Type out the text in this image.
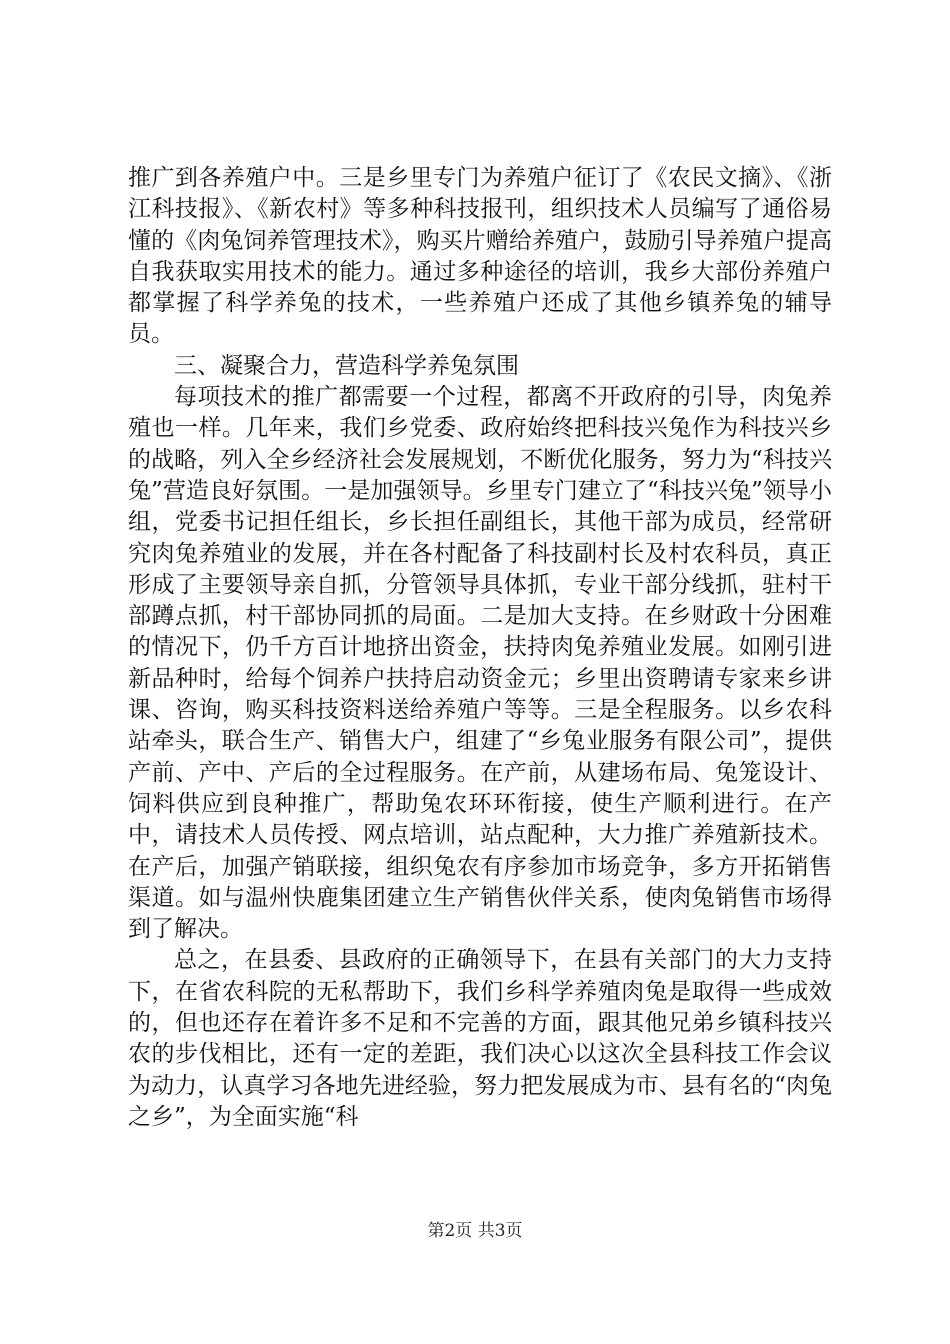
推广到各养殖户中。三是乡里专门为养殖户征订了《农民文摘》、《浙江科技报》、《新农村》等多种科技报刊，组织技术人员编写了通俗易懂的《肉兔饲养管理技术》，购买片赠给养殖户，鼓励引导养殖户提高自我获取实用技术的能力。通过多种途径的培训，我乡大部份养殖户都掌握了科学养兔的技术，一些养殖户还成了其他乡镇养兔的辅导员。

三、凝聚合力，营造科学养兔氛围

每项技术的推广都需要一个过程，都离不开政府的引导，肉兔养殖也一样。几年来，我们乡党委、政府始终把科技兴兔作为科技兴乡的战略，列入全乡经济社会发展规划，不断优化服务，努力为“科技兴兔”营造良好氛围。一是加强领导。乡里专门建立了“科技兴兔”领导小组，党委书记担任组长，乡长担任副组长，其他干部为成员，经常研究肉兔养殖业的发展，并在各村配备了科技副村长及村农科员，真正形成了主要领导亲自抓，分管领导具体抓，专业干部分线抓，驻村干部蹲点抓，村干部协同抓的局面。二是加大支持。在乡财政十分困难的情况下，仍千方百计地挤出资金，扶持肉兔养殖业发展。如刚引进新品种时，给每个饲养户扶持启动资金元；乡里出资聘请专家来乡讲课、咨询，购买科技资料送给养殖户等等。三是全程服务。以乡农科站牵头，联合生产、销售大户，组建了“乡兔业服务有限公司”，提供产前、产中、产后的全过程服务。在产前，从建场布局、兔笼设计、饲料供应到良种推广，帮助兔农环环衔接，使生产顺利进行。在产中，请技术人员传授、网点培训，站点配种，大力推广养殖新技术。在产后，加强产销联接，组织兔农有序参加市场竞争，多方开拓销售渠道。如与温州快鹿集团建立生产销售伙伴关系，使肉兔销售市场得到了解决。

总之，在县委、县政府的正确领导下，在县有关部门的大力支持下，在省农科院的无私帮助下，我们乡科学养殖肉兔是取得一些成效的，但也还存在着许多不足和不完善的方面，跟其他兄弟乡镇科技兴农的步伐相比，还有一定的差距，我们决心以这次全县科技工作会议为动力，认真学习各地先进经验，努力把发展成为市、县有名的“肉兔之乡”，为全面实施“科

第2页 共3页
